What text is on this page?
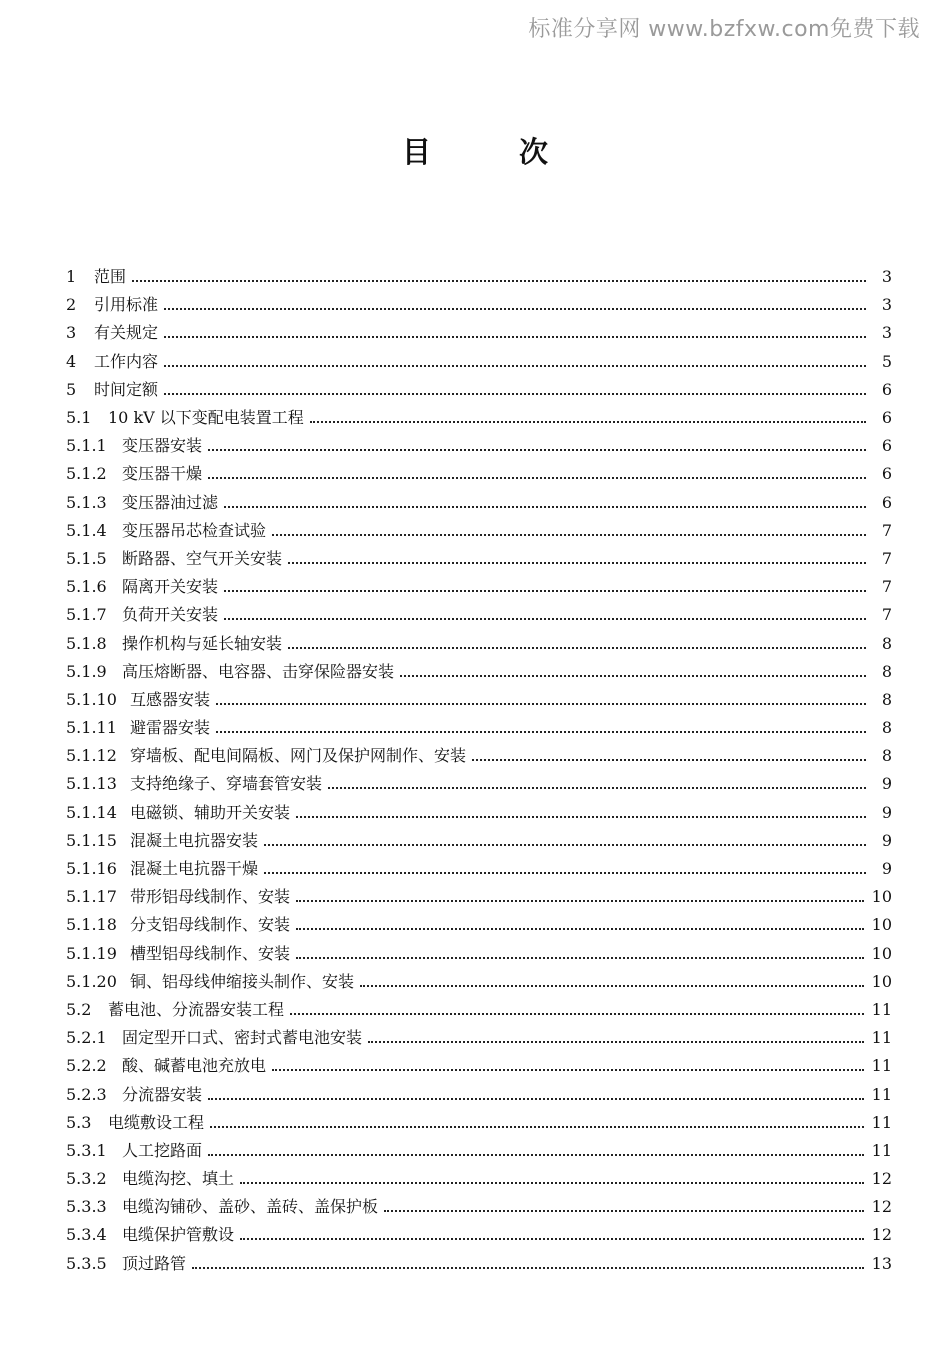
标准分享网 www.bzfxw.com免费下载
目次
1	范围	3
2	引用标准	3
3	有关规定	3
4	工作内容	5
5	时间定额	6
5.1	10 kV 以下变配电装置工程	6
5.1.1 变压器安装	6
5.1.2 变压器干燥	6
5.1.3 变压器油过滤	6
5.1.4 变压器吊芯检查试验	7
5.1.5 断路器、空气开关安装	7
5.1.6 隔离开关安装	7
5.1.7 负荷开关安装	7
5.1.8 操作机构与延长轴安装	8
5.1.9 高压熔断器、电容器、击穿保险器安装	8
5.1.10 互感器安装	8
5.1.11 避雷器安装	8
5.1.12 穿墙板、配电间隔板、网门及保护网制作、安装	8
5.1.13 支持绝缘子、穿墙套管安装	9
5.1.14 电磁锁、辅助开关安装	9
5.1.15 混凝土电抗器安装	9
5.1.16 混凝土电抗器干燥	9
5.1.17 带形铝母线制作、安装	10
5.1.18 分支铝母线制作、安装	10
5.1.19 槽型铝母线制作、安装	10
5.1.20 铜、铝母线伸缩接头制作、安装	10
5.2	蓄电池、分流器安装工程	11
5.2.1 固定型开口式、密封式蓄电池安装	11
5.2.2 酸、碱蓄电池充放电	11
5.2.3 分流器安装	11
5.3	电缆敷设工程	11
5.3.1 人工挖路面	11
5.3.2 电缆沟挖、填土	12
5.3.3 电缆沟铺砂、盖砂、盖砖、盖保护板	12
5.3.4 电缆保护管敷设	12
5.3.5 顶过路管	13
